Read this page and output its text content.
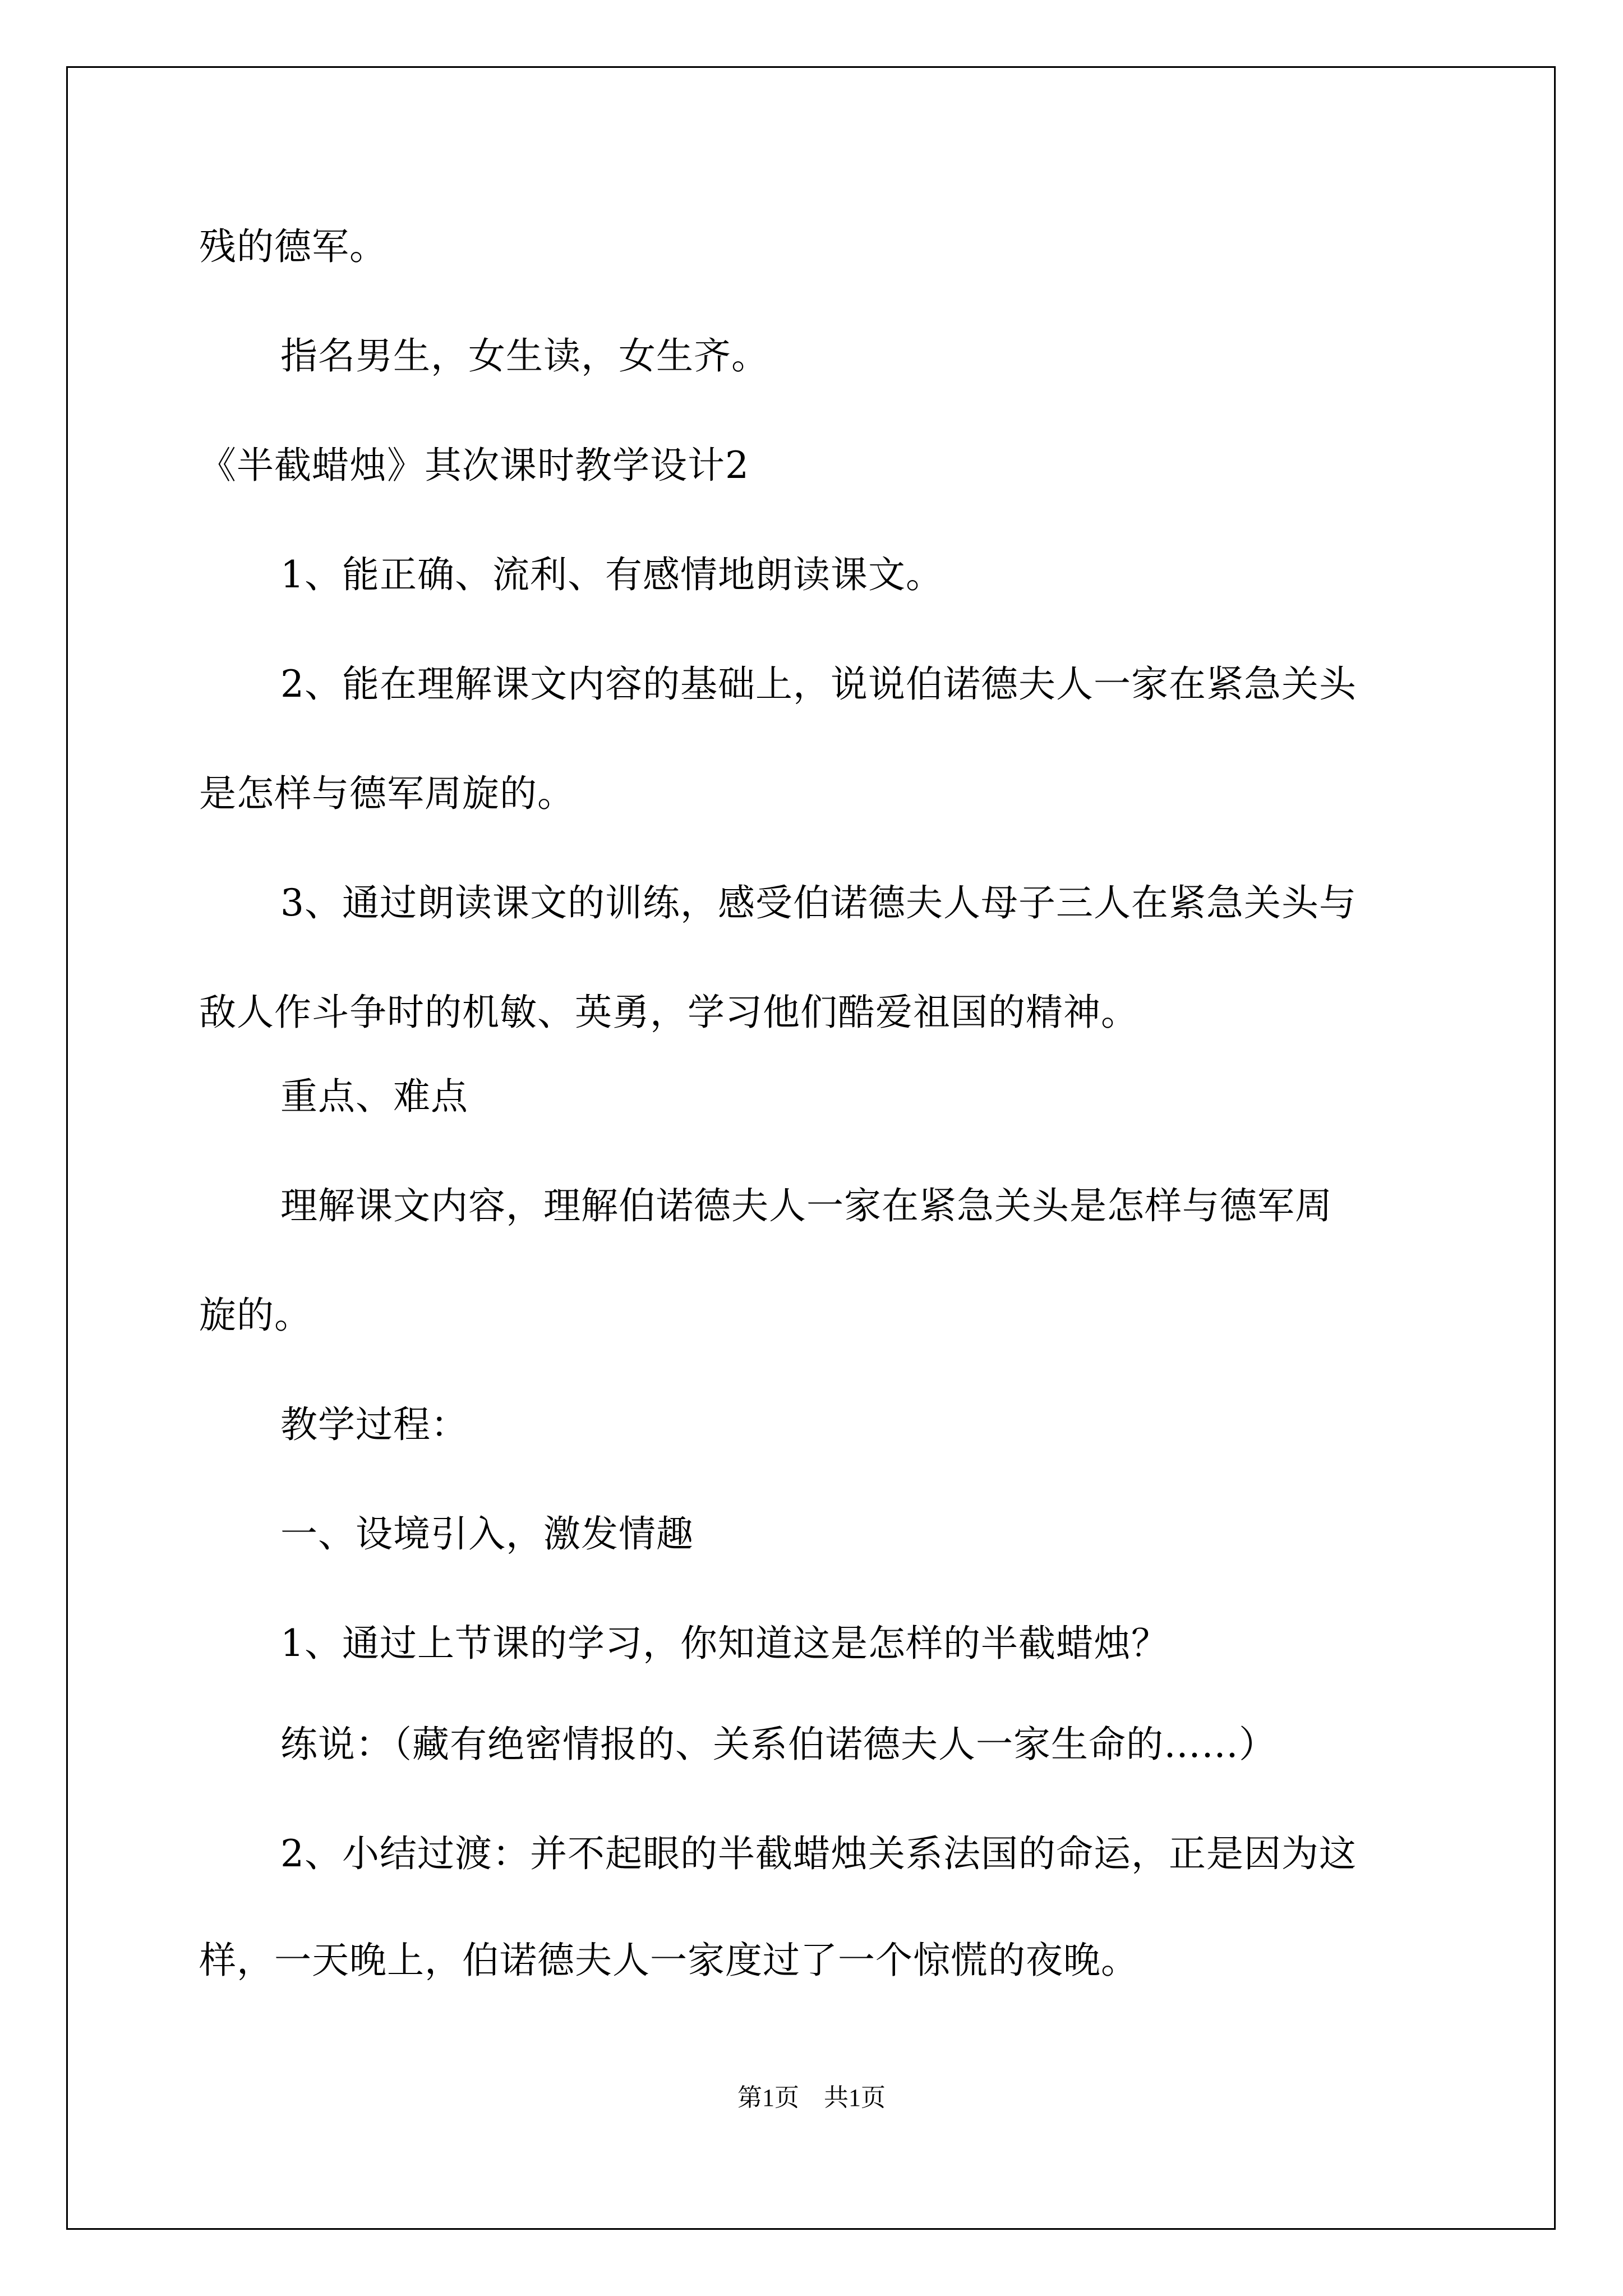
残的德军。
指名男生，女生读，女生齐。
《半截蜡烛》其次课时教学设计2
1、能正确、流利、有感情地朗读课文。
2、能在理解课文内容的基础上，说说伯诺德夫人一家在紧急关头
是怎样与德军周旋的。
3、通过朗读课文的训练，感受伯诺德夫人母子三人在紧急关头与
敌人作斗争时的机敏、英勇，学习他们酷爱祖国的精神。
重点、难点
理解课文内容，理解伯诺德夫人一家在紧急关头是怎样与德军周
旋的。
教学过程：
一、设境引入，激发情趣
1、通过上节课的学习，你知道这是怎样的半截蜡烛？
练说：（藏有绝密情报的、关系伯诺德夫人一家生命的……）
2、小结过渡：并不起眼的半截蜡烛关系法国的命运，正是因为这
样，一天晚上，伯诺德夫人一家度过了一个惊慌的夜晚。
第1页　共1页
